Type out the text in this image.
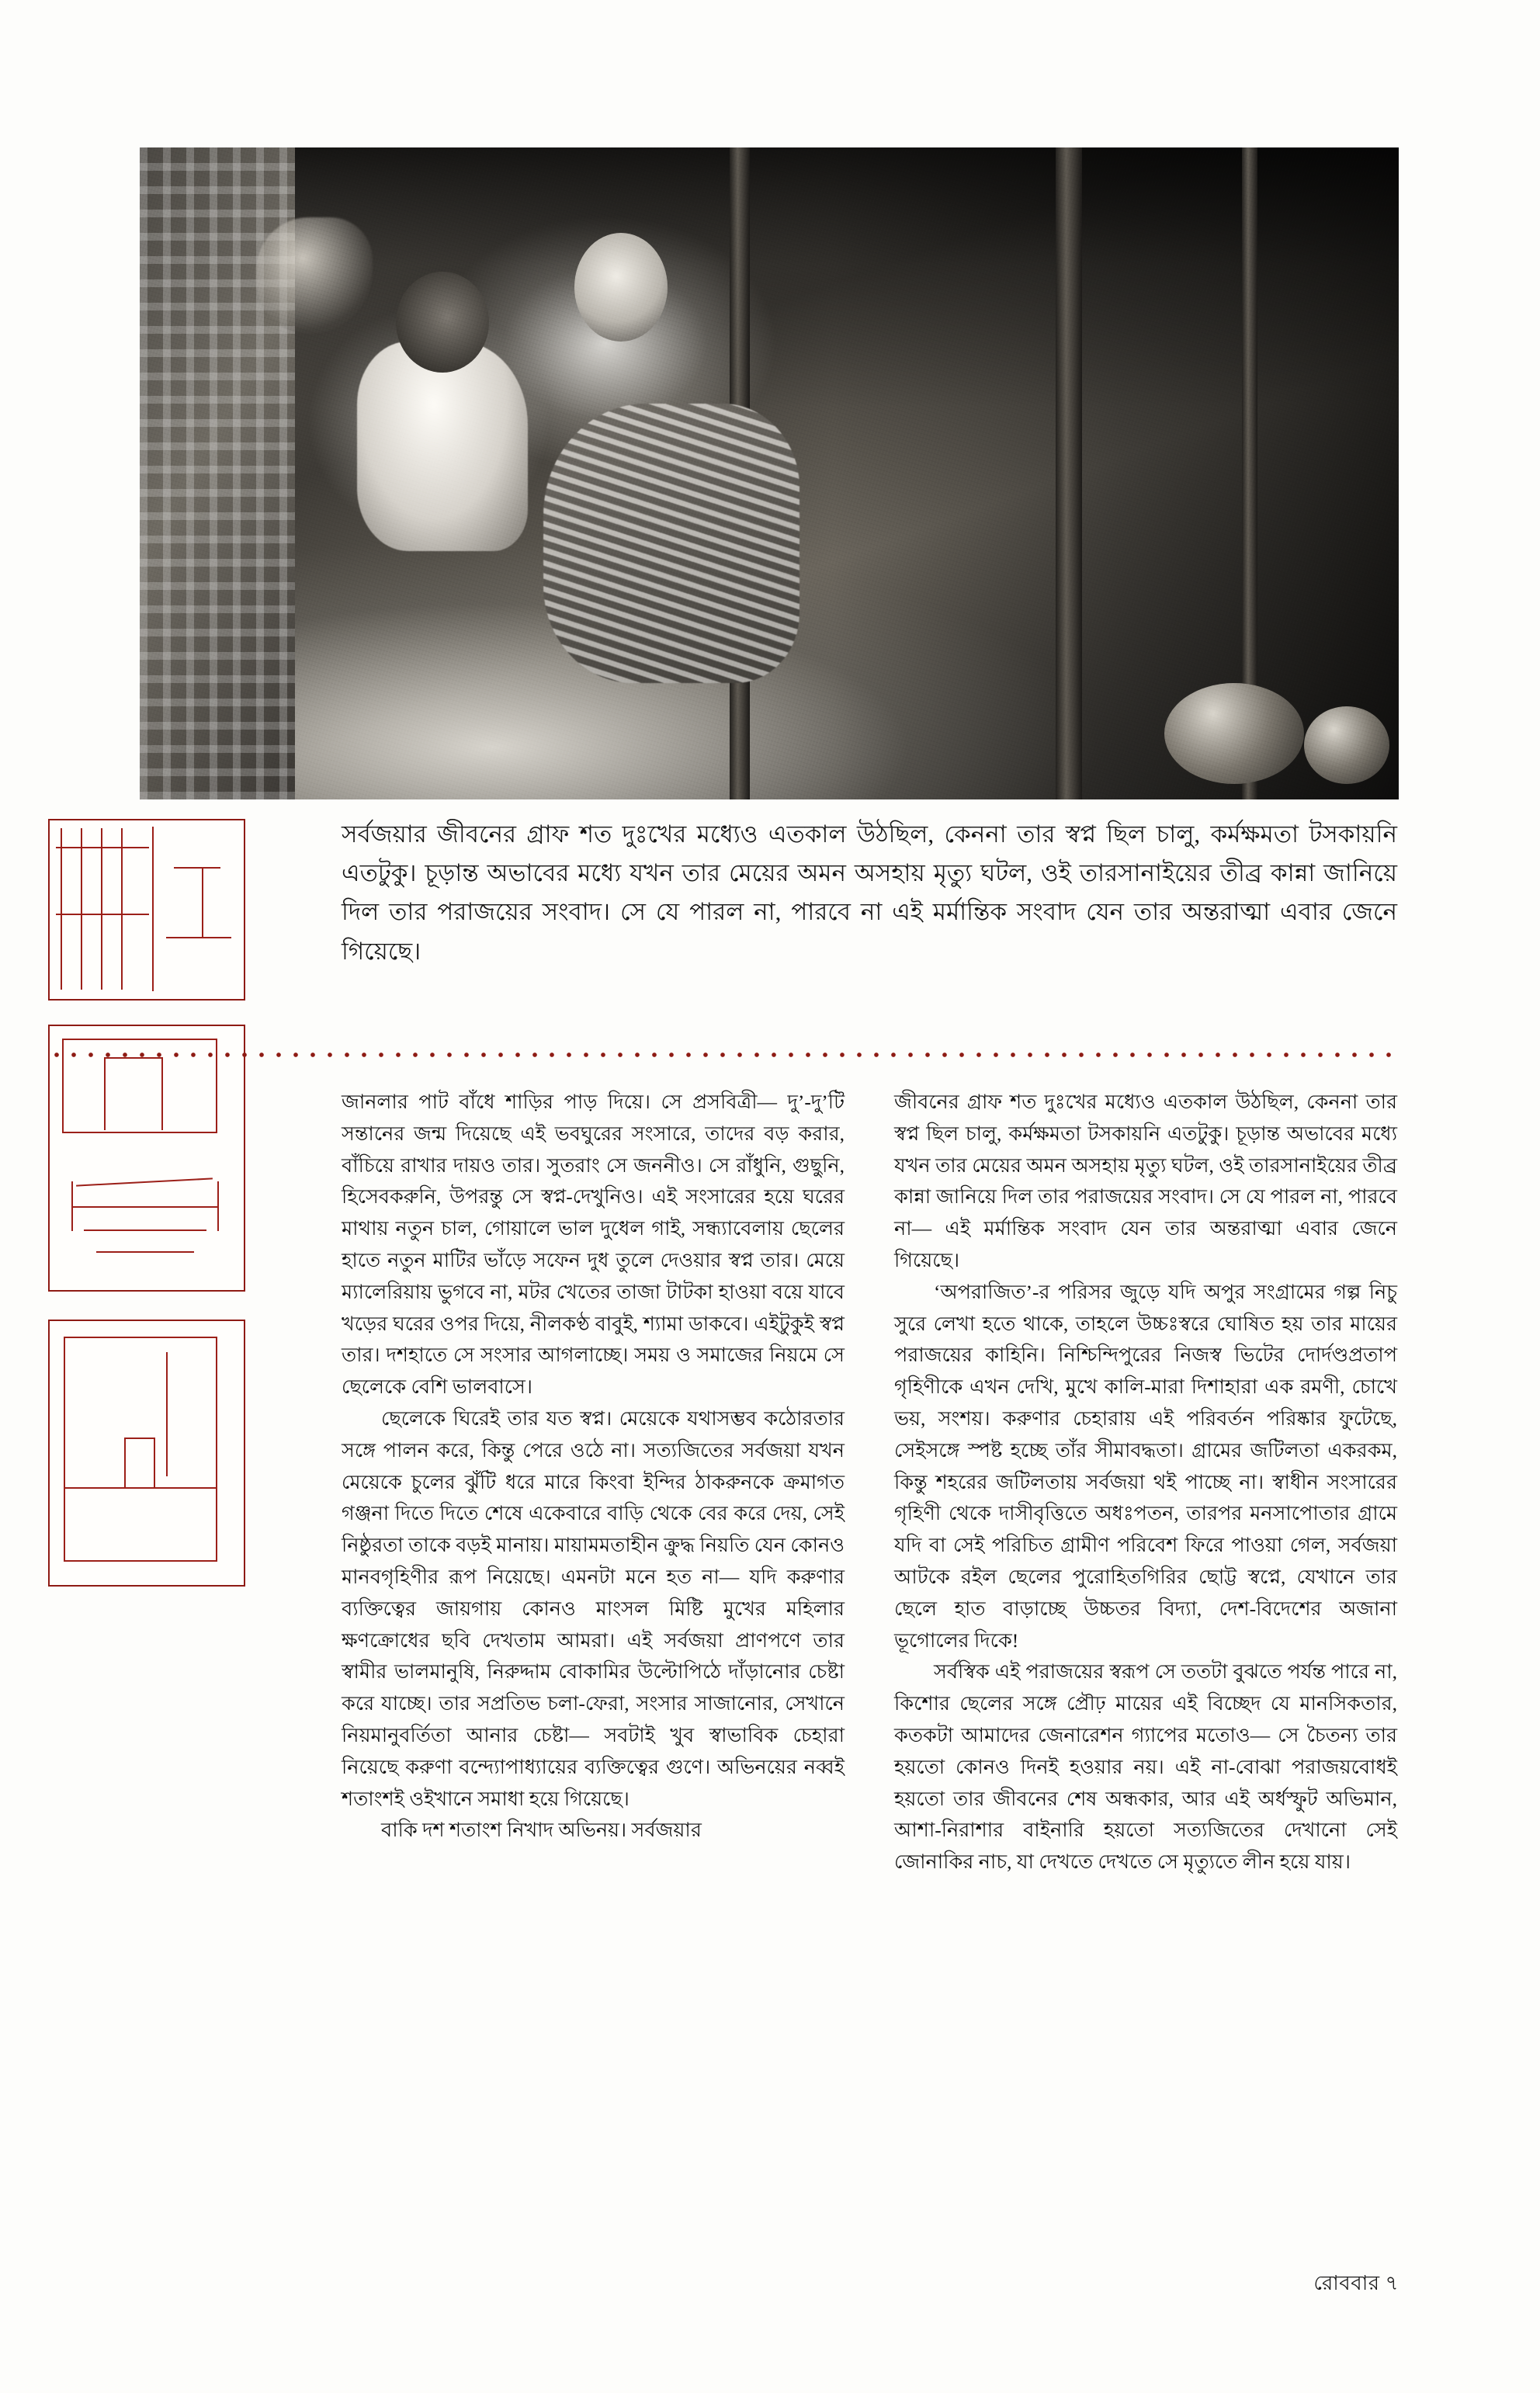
সর্বজয়ার জীবনের গ্রাফ শত দুঃখের মধ্যেও এতকাল উঠছিল, কেননা তার স্বপ্ন ছিল চালু, কর্মক্ষমতা টসকায়নি এতটুকু। চূড়ান্ত অভাবের মধ্যে যখন তার মেয়ের অমন অসহায় মৃত্যু ঘটল, ওই তারসানাইয়ের তীব্র কান্না জানিয়ে দিল তার পরাজয়ের সংবাদ। সে যে পারল না, পারবে না এই মর্মান্তিক সংবাদ যেন তার অন্তরাত্মা এবার জেনে গিয়েছে।

জানলার পাট বাঁধে শাড়ির পাড় দিয়ে। সে প্রসবিত্রী— দু’-দু’টি সন্তানের জন্ম দিয়েছে এই ভবঘুরের সংসারে, তাদের বড় করার, বাঁচিয়ে রাখার দায়ও তার। সুতরাং সে জননীও। সে রাঁধুনি, গুছুনি, হিসেবকরুনি, উপরন্তু সে স্বপ্ন-দেখুনিও। এই সংসারের হয়ে ঘরের মাথায় নতুন চাল, গোয়ালে ভাল দুধেল গাই, সন্ধ্যাবেলায় ছেলের হাতে নতুন মাটির ভাঁড়ে সফেন দুধ তুলে দেওয়ার স্বপ্ন তার। মেয়ে ম্যালেরিয়ায় ভুগবে না, মটর খেতের তাজা টাটকা হাওয়া বয়ে যাবে খড়ের ঘরের ওপর দিয়ে, নীলকণ্ঠ বাবুই, শ্যামা ডাকবে। এইটুকুই স্বপ্ন তার। দশহাতে সে সংসার আগলাচ্ছে। সময় ও সমাজের নিয়মে সে ছেলেকে বেশি ভালবাসে।

ছেলেকে ঘিরেই তার যত স্বপ্ন। মেয়েকে যথাসম্ভব কঠোরতার সঙ্গে পালন করে, কিন্তু পেরে ওঠে না। সত্যজিতের সর্বজয়া যখন মেয়েকে চুলের ঝুঁটি ধরে মারে কিংবা ইন্দির ঠাকরুনকে ক্রমাগত গঞ্জনা দিতে দিতে শেষে একেবারে বাড়ি থেকে বের করে দেয়, সেই নিষ্ঠুরতা তাকে বড়ই মানায়। মায়ামমতাহীন ক্রুদ্ধ নিয়তি যেন কোনও মানবগৃহিণীর রূপ নিয়েছে। এমনটা মনে হত না— যদি করুণার ব্যক্তিত্বের জায়গায় কোনও মাংসল মিষ্টি মুখের মহিলার ক্ষণক্রোধের ছবি দেখতাম আমরা। এই সর্বজয়া প্রাণপণে তার স্বামীর ভালমানুষি, নিরুদ্দাম বোকামির উল্টোপিঠে দাঁড়ানোর চেষ্টা করে যাচ্ছে। তার সপ্রতিভ চলা-ফেরা, সংসার সাজানোর, সেখানে নিয়মানুবর্তিতা আনার চেষ্টা— সবটাই খুব স্বাভাবিক চেহারা নিয়েছে করুণা বন্দ্যোপাধ্যায়ের ব্যক্তিত্বের গুণে। অভিনয়ের নব্বই শতাংশই ওইখানে সমাধা হয়ে গিয়েছে।

বাকি দশ শতাংশ নিখাদ অভিনয়। সর্বজয়ার

জীবনের গ্রাফ শত দুঃখের মধ্যেও এতকাল উঠছিল, কেননা তার স্বপ্ন ছিল চালু, কর্মক্ষমতা টসকায়নি এতটুকু। চূড়ান্ত অভাবের মধ্যে যখন তার মেয়ের অমন অসহায় মৃত্যু ঘটল, ওই তারসানাইয়ের তীব্র কান্না জানিয়ে দিল তার পরাজয়ের সংবাদ। সে যে পারল না, পারবে না— এই মর্মান্তিক সংবাদ যেন তার অন্তরাত্মা এবার জেনে গিয়েছে।

‘অপরাজিত’-র পরিসর জুড়ে যদি অপুর সংগ্রামের গল্প নিচু সুরে লেখা হতে থাকে, তাহলে উচ্চঃস্বরে ঘোষিত হয় তার মায়ের পরাজয়ের কাহিনি। নিশ্চিন্দিপুরের নিজস্ব ভিটের দোর্দণ্ডপ্রতাপ গৃহিণীকে এখন দেখি, মুখে কালি-মারা দিশাহারা এক রমণী, চোখে ভয়, সংশয়। করুণার চেহারায় এই পরিবর্তন পরিষ্কার ফুটেছে, সেইসঙ্গে স্পষ্ট হচ্ছে তাঁর সীমাবদ্ধতা। গ্রামের জটিলতা একরকম, কিন্তু শহরের জটিলতায় সর্বজয়া থই পাচ্ছে না। স্বাধীন সংসারের গৃহিণী থেকে দাসীবৃত্তিতে অধঃপতন, তারপর মনসাপোতার গ্রামে যদি বা সেই পরিচিত গ্রামীণ পরিবেশ ফিরে পাওয়া গেল, সর্বজয়া আটকে রইল ছেলের পুরোহিতগিরির ছোট্ট স্বপ্নে, যেখানে তার ছেলে হাত বাড়াচ্ছে উচ্চতর বিদ্যা, দেশ-বিদেশের অজানা ভূগোলের দিকে!

সর্বস্বিক এই পরাজয়ের স্বরূপ সে ততটা বুঝতে পর্যন্ত পারে না, কিশোর ছেলের সঙ্গে প্রৌঢ় মায়ের এই বিচ্ছেদ যে মানসিকতার, কতকটা আমাদের জেনারেশন গ্যাপের মতোও— সে চৈতন্য তার হয়তো কোনও দিনই হওয়ার নয়। এই না-বোঝা পরাজয়বোধই হয়তো তার জীবনের শেষ অন্ধকার, আর এই অর্ধস্ফুট অভিমান, আশা-নিরাশার বাইনারি হয়তো সত্যজিতের দেখানো সেই জোনাকির নাচ, যা দেখতে দেখতে সে মৃত্যুতে লীন হয়ে যায়।

রোববার ৭
